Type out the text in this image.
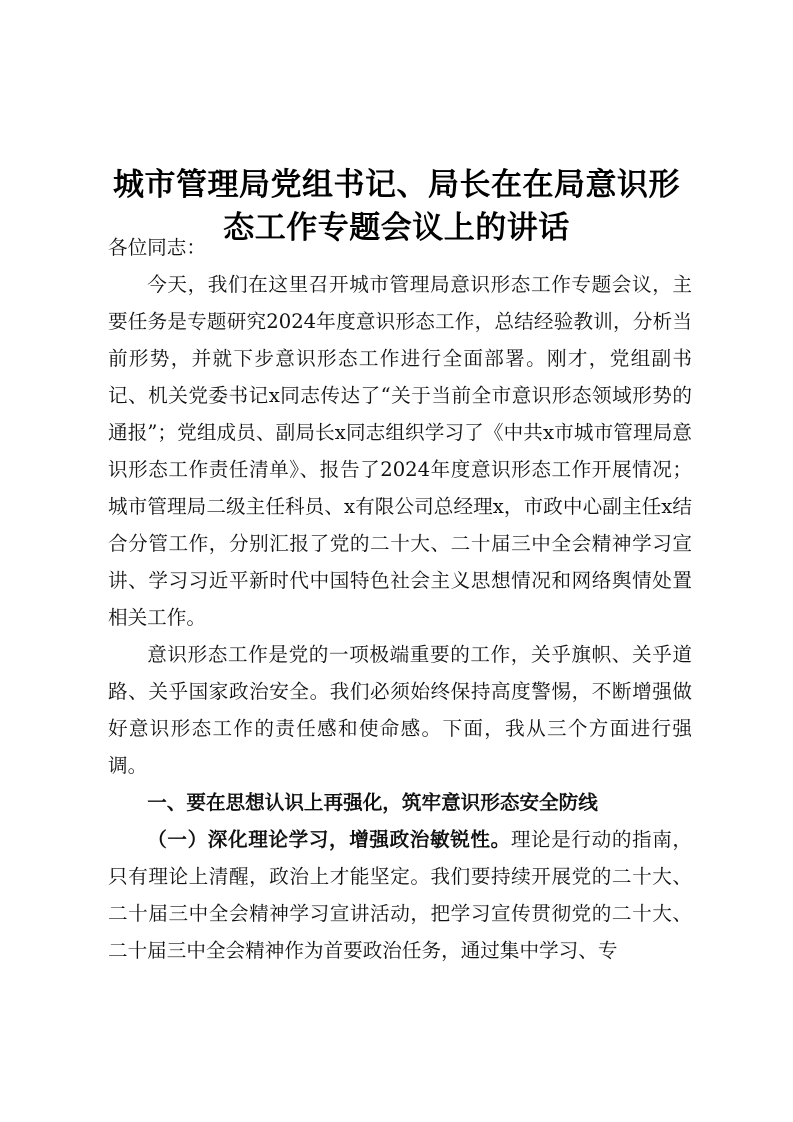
城市管理局党组书记、局长在在局意识形态工作专题会议上的讲话

各位同志：

今天，我们在这里召开城市管理局意识形态工作专题会议，主要任务是专题研究2024年度意识形态工作，总结经验教训，分析当前形势，并就下步意识形态工作进行全面部署。刚才，党组副书记、机关党委书记x同志传达了“关于当前全市意识形态领域形势的通报”；党组成员、副局长x同志组织学习了《中共x市城市管理局意识形态工作责任清单》、报告了2024年度意识形态工作开展情况；城市管理局二级主任科员、x有限公司总经理x，市政中心副主任x结合分管工作，分别汇报了党的二十大、二十届三中全会精神学习宣讲、学习习近平新时代中国特色社会主义思想情况和网络舆情处置相关工作。

意识形态工作是党的一项极端重要的工作，关乎旗帜、关乎道路、关乎国家政治安全。我们必须始终保持高度警惕，不断增强做好意识形态工作的责任感和使命感。下面，我从三个方面进行强调。

一、要在思想认识上再强化，筑牢意识形态安全防线

（一）深化理论学习，增强政治敏锐性。理论是行动的指南，只有理论上清醒，政治上才能坚定。我们要持续开展党的二十大、二十届三中全会精神学习宣讲活动，把学习宣传贯彻党的二十大、二十届三中全会精神作为首要政治任务，通过集中学习、专
